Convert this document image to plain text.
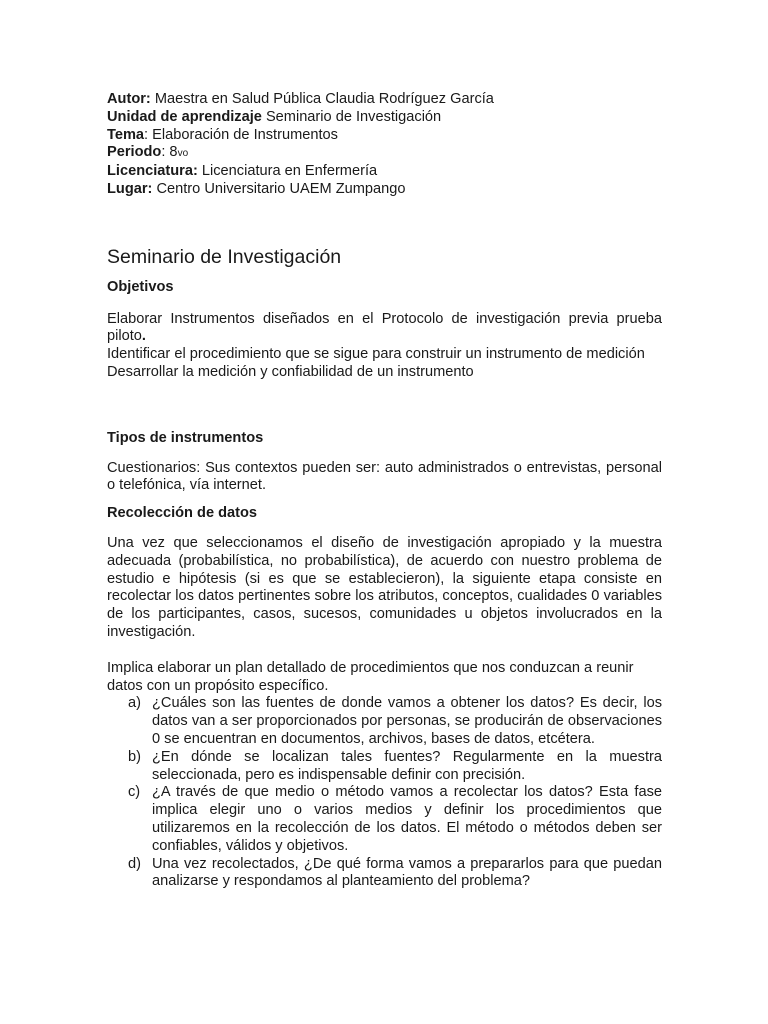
Autor: Maestra en Salud Pública Claudia Rodríguez García

Unidad de aprendizaje Seminario de Investigación

Tema: Elaboración de Instrumentos

Periodo: 8vo

Licenciatura: Licenciatura en Enfermería

Lugar: Centro Universitario UAEM Zumpango

Seminario de Investigación

Objetivos

Elaborar Instrumentos diseñados en el Protocolo de investigación previa prueba piloto.

Identificar el procedimiento que se sigue para construir un instrumento de medición

Desarrollar la medición y confiabilidad de un instrumento

Tipos de instrumentos

Cuestionarios: Sus contextos pueden ser: auto administrados o entrevistas, personal o telefónica, vía internet.

Recolección de datos

Una vez que seleccionamos el diseño de investigación apropiado y la muestra adecuada (probabilística, no probabilística), de acuerdo con nuestro problema de estudio e hipótesis (si es que se establecieron), la siguiente etapa consiste en recolectar los datos pertinentes sobre los atributos, conceptos, cualidades 0 variables de los participantes, casos, sucesos, comunidades u objetos involucrados en la investigación.

Implica elaborar un plan detallado de procedimientos que nos conduzcan a reunir datos con un propósito específico.

a) ¿Cuáles son las fuentes de donde vamos a obtener los datos? Es decir, los datos van a ser proporcionados por personas, se producirán de observaciones 0 se encuentran en documentos, archivos, bases de datos, etcétera.
b) ¿En dónde se localizan tales fuentes? Regularmente en la muestra seleccionada, pero es indispensable definir con precisión.
c) ¿A través de que medio o método vamos a recolectar los datos? Esta fase implica elegir uno o varios medios y definir los procedimientos que utilizaremos en la recolección de los datos. El método o métodos deben ser confiables, válidos y objetivos.
d) Una vez recolectados, ¿De qué forma vamos a prepararlos para que puedan analizarse y respondamos al planteamiento del problema?
